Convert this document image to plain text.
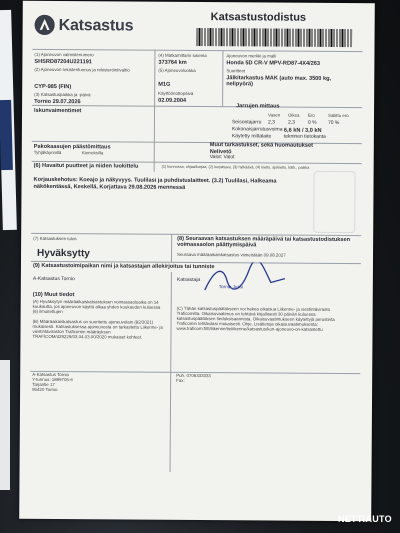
Katsastus	Katsastustodistus
(1) Ajoneuvon valmistenumero
SHSRD87204U221191
(2) Ajoneuvon rekisteritunnus ja rekisteröintivaltio
CYP-985 (FIN)
(3) Katsastuspaikka ja -päivä
Tornio 29.07.2026
(4) Matkamittarin lukema
373764 km
(5) Ajoneuvoluokka
M1G
Käyttöönottopäivä
02.09.2004
Ajoneuvon merkki ja malli
Honda 5D CR-V MPV-RD87-4X4/263
Suoritteet
Jälkitarkastus MAK (auto max. 3500 kg, nelipyörä)
Iskunvaimentimet
Jarrujen mittaus
Vasen Oikea Ero	Sallittu ero
Seisontajarru 2,3	2,3	0 % 70 %
Kokonaisjarrutusvoima 6,6 kN / 3,0 kN
Käytetty mittalaite tekninen tietokanta
Pakokaasujen päästömittaus
Tyhjäkäynnillä	Kierroksilla
Muut tarkastukset, sekä huomautukset
Nelivetö
Valot: Valot
(6) Havaitut puutteet ja niiden luokittelu	(1) kunnossa, ohjaa/korjaa, (2) korjattava, (3) hylkäävä, (4) kielto, ajokielto, kätk., paikka
Korjauskehotus: Koeajo ja näkyvyys. Tuulilasi ja puhdistuslaitteet. (3.2) Tuulilasi, Halkeama
näkökentässä, Keskellä, Korjattava 29.08.2026 mennessä
(7) Katsastuksen tulos
Hyväksytty
(8) Seuraavan katsastuksen määräpäivä tai katsastustodistuksen voimassaolon päättymispäivä
Seuraava määräaikaiskatsastus viimeistään 09.08.2027
(9) Katsastustoimipaikan nimi ja katsastajan allekirjoitus tai tunniste
A-Katsastus Tornio	Katsastaja
Tornio Jussi
(10) Muut tiedot
(A) Hyväksytyn määräaikaiskatsastuksen voimassaoloaika on 14 kuukautta, jos ajoneuvon käyttö alkaa yhden kuukauden kuluessa (6) ilmoitettujen
(B) Määräaikaiskatsastus on suoritettu ajoneuvolain (82/2021) mukaisesti. Katsastuksessa ajoneuvosta on tarkastettu Liikenne- ja viestintäviraston Traficomin määräyksen TRAFICOM/429229/03.04.03.00/2020 mukaiset kohteet.
(C) Tähän katsastuspäätökseen voi hakea oikaisua Liikenne- ja viestintävirasto Traficomilta. Oikaisuvaatimus on tehtävä kirjallisesti 30 päivän kuluessa katsastuspäätöksen tiedoksisaannista. Oikaisuvaatimukseen käytettyjä perusteita Traficomin tehtäväksi mukaisesti. Ohje, Lisätietoja oikaisuvaatimuksesta: www.traficom.fi/fi/liikenne/tieliikenne/katsastus/kun-ajoneuvo-on-katsastettu
A-Katsastus Tornio
Y-tunnus: 1899705-6
Tarjantie 17
95420 Tornio
Puh. 0706333333
Fax:
NETTIAUTO
